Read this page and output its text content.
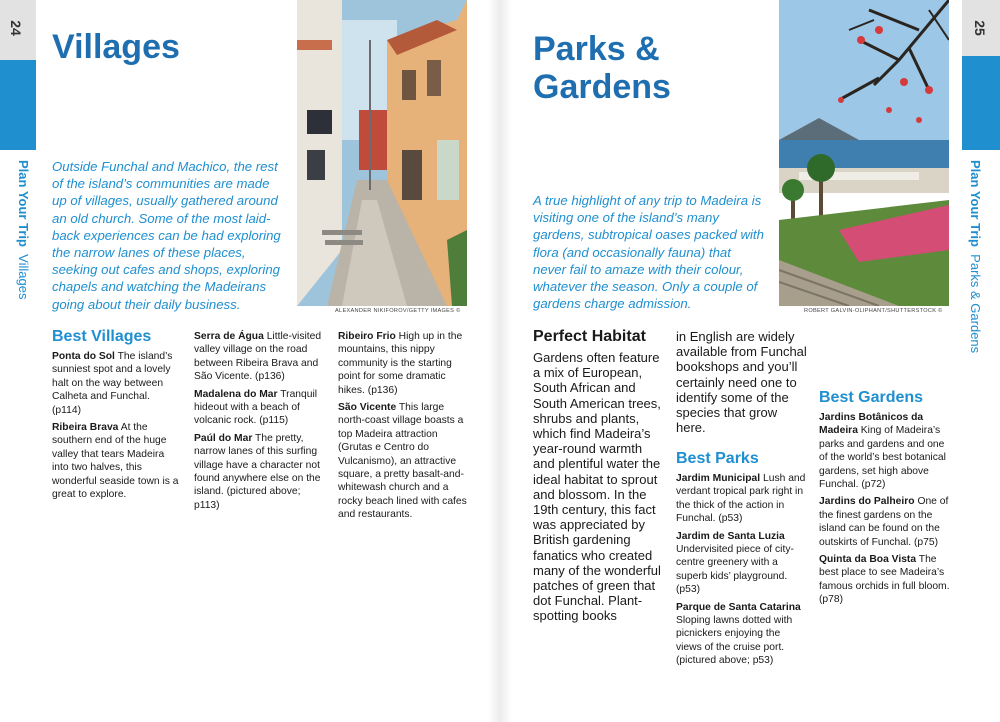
24
Plan Your Trip  Villages
Villages
Outside Funchal and Machico, the rest of the island’s communities are made up of villages, usually gathered around an old church. Some of the most laid-back experiences can be had exploring the narrow lanes of these places, seeking out cafes and shops, exploring chapels and watching the Madeirans going about their daily business.	ALEXANDER NIKIFOROV/GETTY IMAGES ©
Best Villages

Ponta do Sol The island’s sunniest spot and a lovely halt on the way between Calheta and Funchal. (p114)

Ribeira Brava At the southern end of the huge valley that tears Madeira into two halves, this wonderful seaside town is a great to explore.

Serra de Água Little-visited valley village on the road between Ribeira Brava and São Vicente. (p136)

Madalena do Mar Tranquil hideout with a beach of volcanic rock. (p115)

Paúl do Mar The pretty, narrow lanes of this surfing village have a character not found anywhere else on the island. (pictured above; p113)

Ribeiro Frio High up in the mountains, this nippy community is the starting point for some dramatic hikes. (p136)

São Vicente This large north-coast village boasts a top Madeira attraction (Grutas e Centro do Vulcanismo), an attractive square, a pretty basalt-and-whitewash church and a rocky beach lined with cafes and restaurants.

25
Plan Your Trip  Parks & Gardens
Parks &
Gardens
A true highlight of any trip to Madeira is visiting one of the island’s many gardens, subtropical oases packed with flora (and occasionally fauna) that never fail to amaze with their colour, whatever the season. Only a couple of gardens charge admission.	ROBERT GALVIN-OLIPHANT/SHUTTERSTOCK ©
Perfect Habitat
Gardens often feature a mix of European, South African and South American trees, shrubs and plants, which find Madeira’s year-round warmth and plentiful water the ideal habitat to sprout and blossom. In the 19th century, this fact was appreciated by British gardening fanatics who created many of the wonderful patches of green that dot Funchal. Plant-spotting books
in English are widely available from Funchal bookshops and you’ll certainly need one to identify some of the species that grow here.
Best Parks

Jardim Municipal Lush and verdant tropical park right in the thick of the action in Funchal. (p53)

Jardim de Santa Luzia Undervisited piece of city-centre greenery with a superb kids’ playground. (p53)

Parque de Santa Catarina Sloping lawns dotted with picnickers enjoying the views of the cruise port. (pictured above; p53)

Best Gardens

Jardins Botânicos da Madeira King of Madeira’s parks and gardens and one of the world’s best botanical gardens, set high above Funchal. (p72)

Jardins do Palheiro One of the finest gardens on the island can be found on the outskirts of Funchal. (p75)

Quinta da Boa Vista The best place to see Madeira’s famous orchids in full bloom. (p78)
